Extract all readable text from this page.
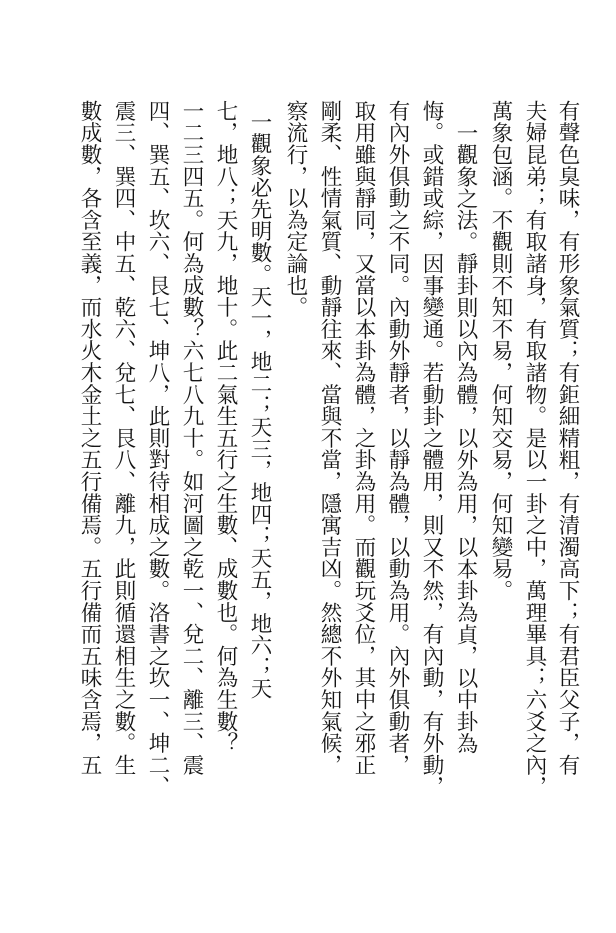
有聲色臭味，有形象氣質；有鉅細精粗，有清濁高下；有君臣父子，有
夫婦昆弟；有取諸身，有取諸物。是以一卦之中，萬理畢具；六爻之內，
萬象包涵。不觀則不知不易，何知交易，何知變易。
一觀象之法。靜卦則以內為體，以外為用，以本卦為貞，以中卦為
悔。或錯或綜，因事變通。若動卦之體用，則又不然，有內動，有外動，
有內外俱動之不同。內動外靜者，以靜為體，以動為用。內外俱動者，
取用雖與靜同，又當以本卦為體，之卦為用。而觀玩爻位，其中之邪正
剛柔、性情氣質、動靜往來、當與不當，隱寓吉凶。然總不外知氣候，
察流行，以為定論也。
一觀象必先明數。天一，地二；天三，地四；天五，地六；天
七，地八；天九，地十。此二氣生五行之生數、成數也。何為生數？
一二三四五。何為成數？六七八九十。如河圖之乾一、兌二、離三、震
四、巽五、坎六、艮七、坤八，此則對待相成之數。洛書之坎一、坤二、
震三、巽四、中五、乾六、兌七、艮八、離九，此則循還相生之數。生
數成數，各含至義，而水火木金土之五行備焉。五行備而五味含焉，五
